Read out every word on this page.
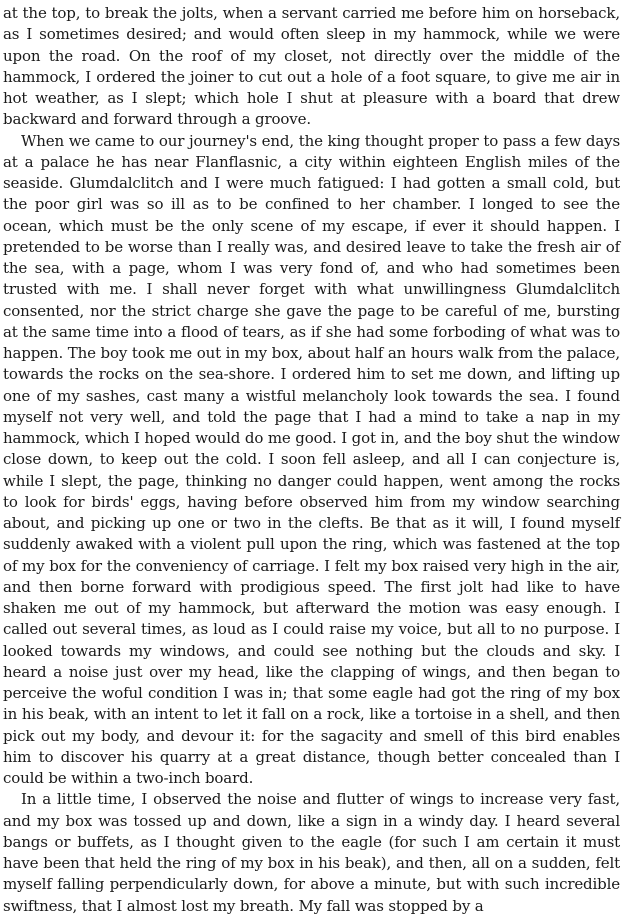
at the top, to break the jolts, when a servant carried me before him on horseback, as I sometimes desired; and would often sleep in my hammock, while we were upon the road. On the roof of my closet, not directly over the middle of the hammock, I ordered the joiner to cut out a hole of a foot square, to give me air in hot weather, as I slept; which hole I shut at pleasure with a board that drew backward and forward through a groove.

When we came to our journey's end, the king thought proper to pass a few days at a palace he has near Flanflasnic, a city within eighteen English miles of the seaside. Glumdalclitch and I were much fatigued: I had gotten a small cold, but the poor girl was so ill as to be confined to her chamber. I longed to see the ocean, which must be the only scene of my escape, if ever it should happen. I pretended to be worse than I really was, and desired leave to take the fresh air of the sea, with a page, whom I was very fond of, and who had sometimes been trusted with me. I shall never forget with what unwillingness Glumdalclitch consented, nor the strict charge she gave the page to be careful of me, bursting at the same time into a flood of tears, as if she had some forboding of what was to happen. The boy took me out in my box, about half an hours walk from the palace, towards the rocks on the sea-shore. I ordered him to set me down, and lifting up one of my sashes, cast many a wistful melancholy look towards the sea. I found myself not very well, and told the page that I had a mind to take a nap in my hammock, which I hoped would do me good. I got in, and the boy shut the window close down, to keep out the cold. I soon fell asleep, and all I can conjecture is, while I slept, the page, thinking no danger could happen, went among the rocks to look for birds' eggs, having before observed him from my window searching about, and picking up one or two in the clefts. Be that as it will, I found myself suddenly awaked with a violent pull upon the ring, which was fastened at the top of my box for the conveniency of carriage. I felt my box raised very high in the air, and then borne forward with prodigious speed. The first jolt had like to have shaken me out of my hammock, but afterward the motion was easy enough. I called out several times, as loud as I could raise my voice, but all to no purpose. I looked towards my windows, and could see nothing but the clouds and sky. I heard a noise just over my head, like the clapping of wings, and then began to perceive the woful condition I was in; that some eagle had got the ring of my box in his beak, with an intent to let it fall on a rock, like a tortoise in a shell, and then pick out my body, and devour it: for the sagacity and smell of this bird enables him to discover his quarry at a great distance, though better concealed than I could be within a two-inch board.

In a little time, I observed the noise and flutter of wings to increase very fast, and my box was tossed up and down, like a sign in a windy day. I heard several bangs or buffets, as I thought given to the eagle (for such I am certain it must have been that held the ring of my box in his beak), and then, all on a sudden, felt myself falling perpendicularly down, for above a minute, but with such incredible swiftness, that I almost lost my breath. My fall was stopped by a
